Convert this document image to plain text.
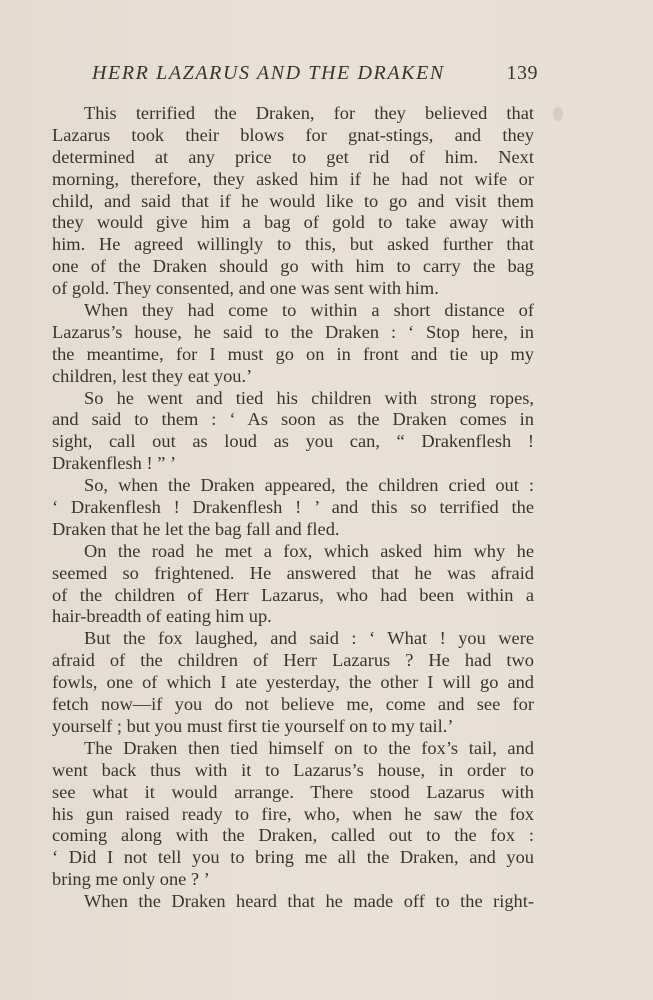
HERR LAZARUS AND THE DRAKEN	139
This terrified the Draken, for they believed that
Lazarus took their blows for gnat-stings, and they
determined at any price to get rid of him. Next
morning, therefore, they asked him if he had not wife or
child, and said that if he would like to go and visit them
they would give him a bag of gold to take away with
him. He agreed willingly to this, but asked further that
one of the Draken should go with him to carry the bag
of gold. They consented, and one was sent with him.
When they had come to within a short distance of
Lazarus’s house, he said to the Draken : ‘ Stop here, in
the meantime, for I must go on in front and tie up my
children, lest they eat you.’
So he went and tied his children with strong ropes,
and said to them : ‘ As soon as the Draken comes in
sight, call out as loud as you can, “ Drakenflesh !
Drakenflesh ! ” ’
So, when the Draken appeared, the children cried out :
‘ Drakenflesh ! Drakenflesh ! ’ and this so terrified the
Draken that he let the bag fall and fled.
On the road he met a fox, which asked him why he
seemed so frightened. He answered that he was afraid
of the children of Herr Lazarus, who had been within a
hair-breadth of eating him up.
But the fox laughed, and said : ‘ What ! you were
afraid of the children of Herr Lazarus ? He had two
fowls, one of which I ate yesterday, the other I will go and
fetch now—if you do not believe me, come and see for
yourself ; but you must first tie yourself on to my tail.’
The Draken then tied himself on to the fox’s tail, and
went back thus with it to Lazarus’s house, in order to
see what it would arrange. There stood Lazarus with
his gun raised ready to fire, who, when he saw the fox
coming along with the Draken, called out to the fox :
‘ Did I not tell you to bring me all the Draken, and you
bring me only one ? ’
When the Draken heard that he made off to the right-
